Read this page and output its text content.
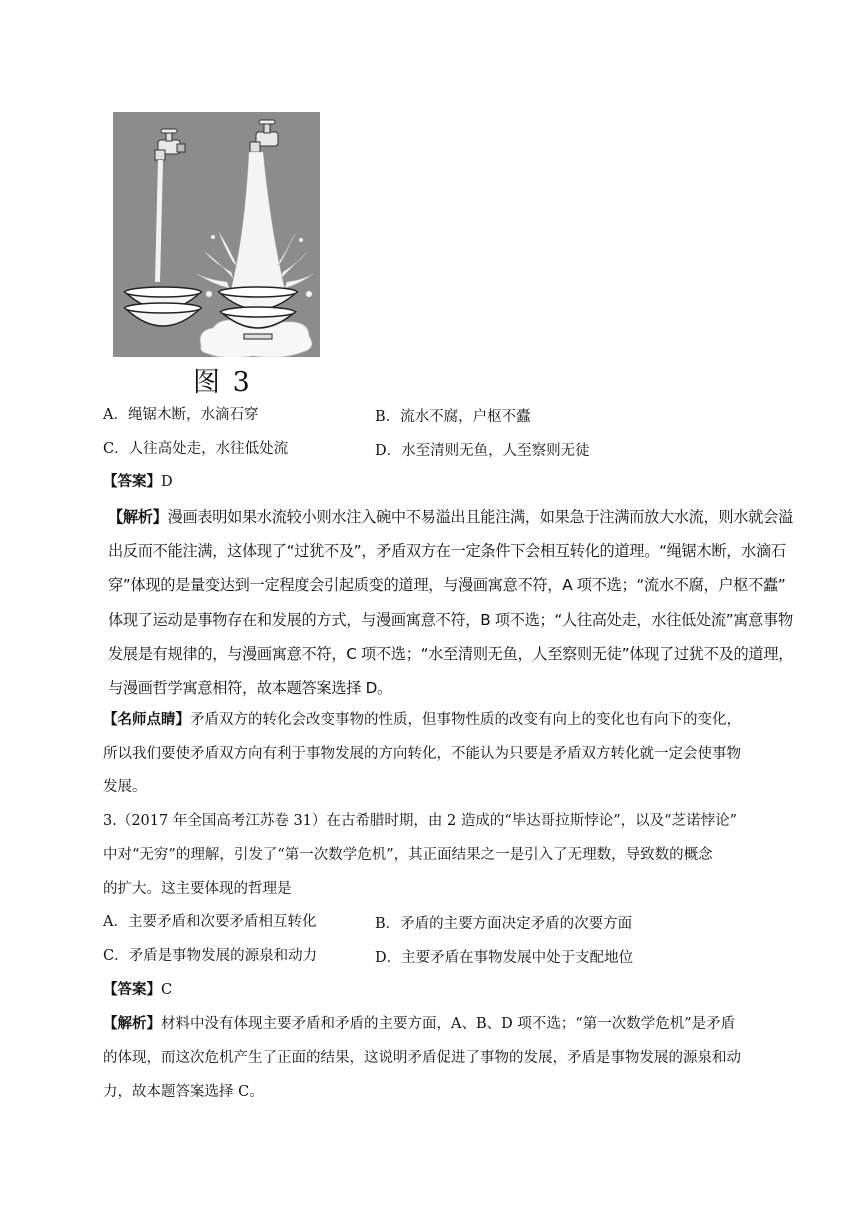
图 3
A．绳锯木断，水滴石穿	B．流水不腐，户枢不蠹
C．人往高处走，水往低处流	D．水至清则无鱼，人至察则无徒
【答案】D
【解析】漫画表明如果水流较小则水注入碗中不易溢出且能注满，如果急于注满而放大水流，则水就会溢
出反而不能注满，这体现了“过犹不及”，矛盾双方在一定条件下会相互转化的道理。“绳锯木断，水滴石
穿”体现的是量变达到一定程度会引起质变的道理，与漫画寓意不符，A 项不选；“流水不腐，户枢不蠹”
体现了运动是事物存在和发展的方式，与漫画寓意不符，B 项不选；“人往高处走，水往低处流”寓意事物
发展是有规律的，与漫画寓意不符，C 项不选；“水至清则无鱼，人至察则无徒”体现了过犹不及的道理，
与漫画哲学寓意相符，故本题答案选择 D。
【名师点睛】矛盾双方的转化会改变事物的性质，但事物性质的改变有向上的变化也有向下的变化，
所以我们要使矛盾双方向有利于事物发展的方向转化，不能认为只要是矛盾双方转化就一定会使事物
发展。
3.（2017 年全国高考江苏卷 31）在古希腊时期，由 2 造成的“毕达哥拉斯悖论”，以及“芝诺悖论”
中对“无穷”的理解，引发了“第一次数学危机”，其正面结果之一是引入了无理数，导致数的概念
的扩大。这主要体现的哲理是
A．主要矛盾和次要矛盾相互转化	B．矛盾的主要方面决定矛盾的次要方面
C．矛盾是事物发展的源泉和动力	D．主要矛盾在事物发展中处于支配地位
【答案】C
【解析】材料中没有体现主要矛盾和矛盾的主要方面，A、B、D 项不选；“第一次数学危机”是矛盾
的体现，而这次危机产生了正面的结果，这说明矛盾促进了事物的发展，矛盾是事物发展的源泉和动
力，故本题答案选择 C。
